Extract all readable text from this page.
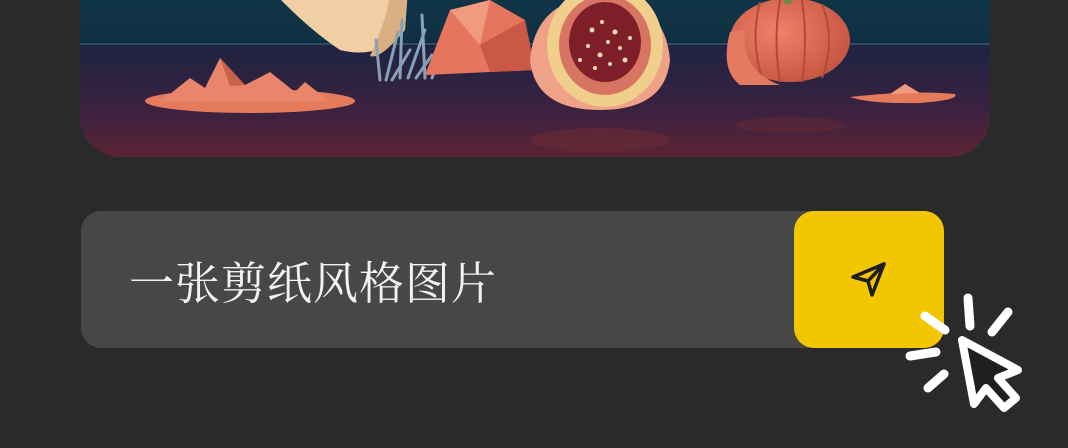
一张剪纸风格图片
